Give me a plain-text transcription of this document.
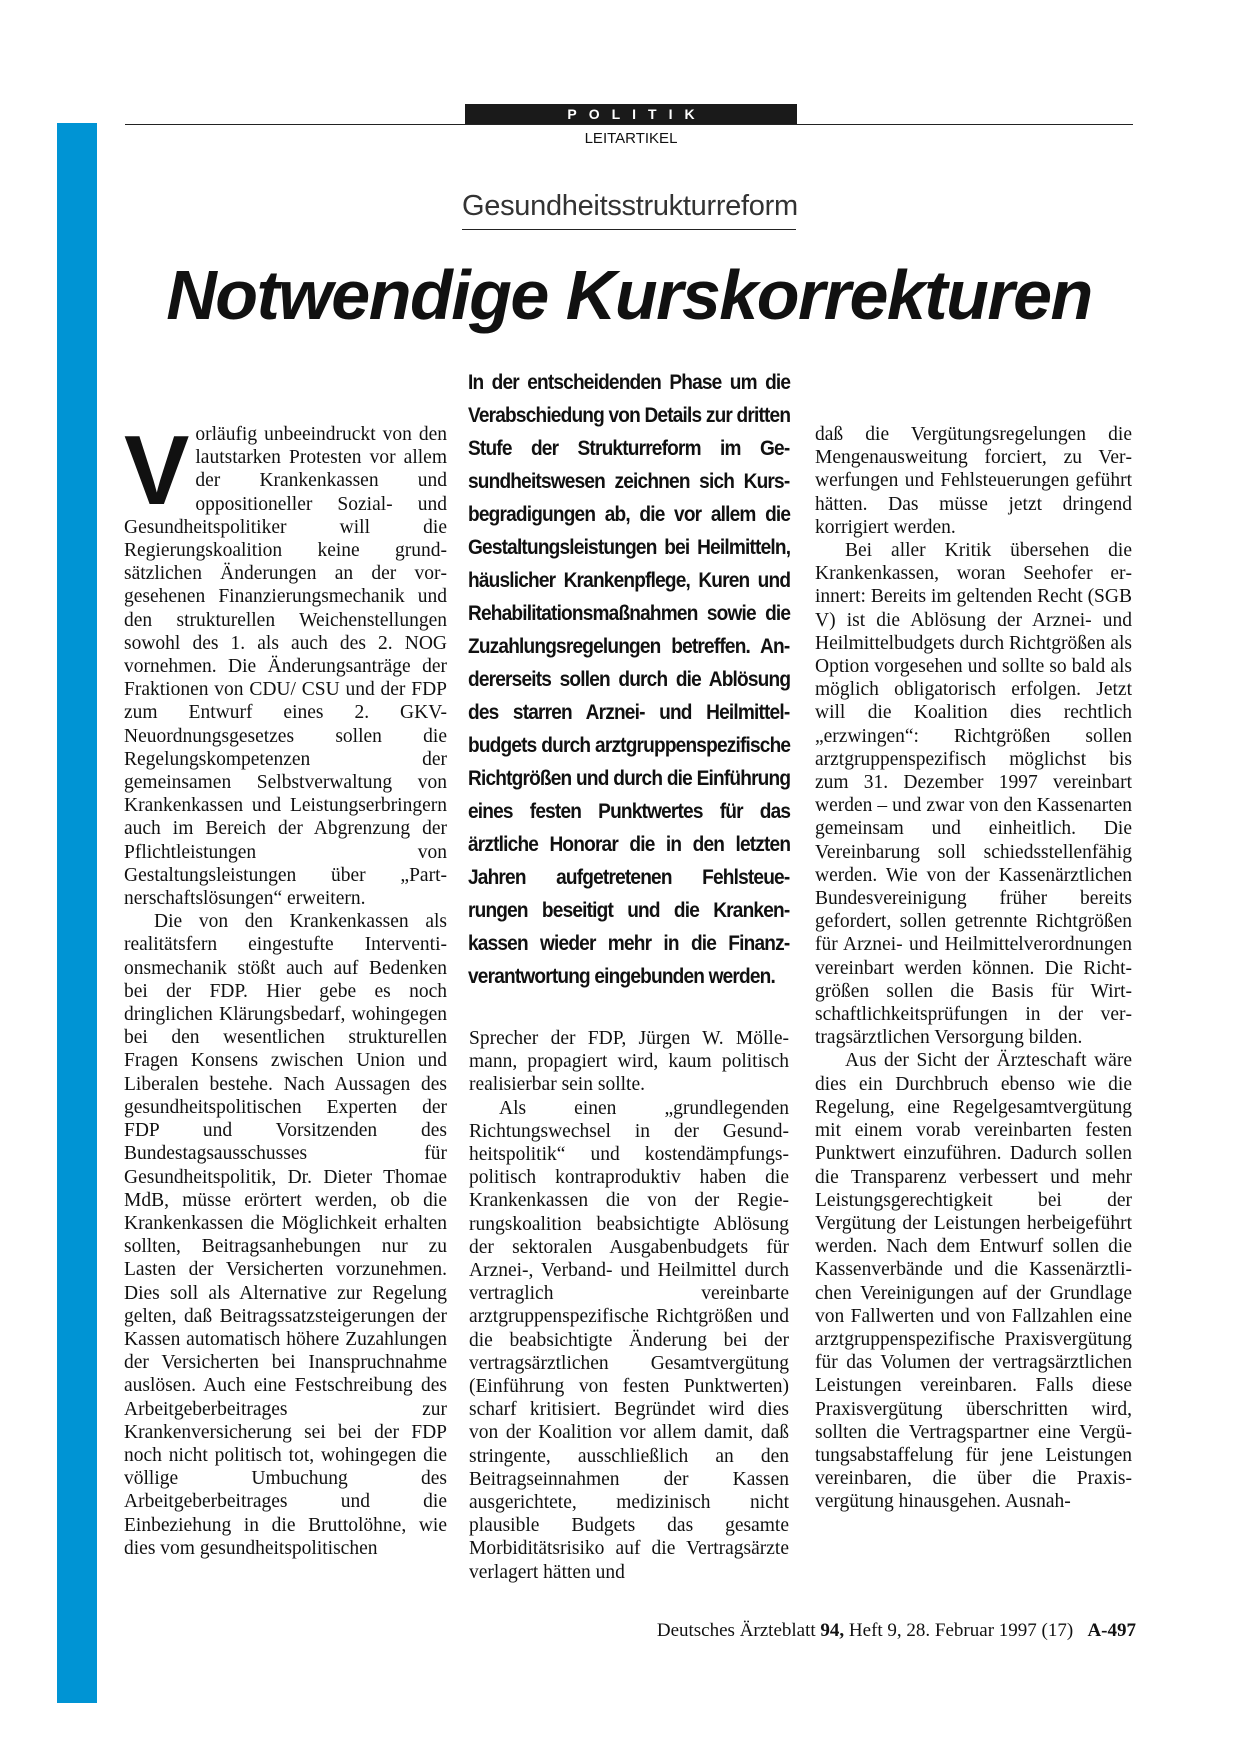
POLITIK
LEITARTIKEL
Gesundheitsstrukturreform
Notwendige Kurskorrekturen

Vorläufig unbeeindruckt von den lautstarken Protesten vor allem der Krankenkassen und oppositioneller Sozial- und Gesundheitspolitiker will die Regierungskoalition keine grundsätzlichen Änderungen an der vorgesehenen Finanzierungsmechanik und den strukturellen Weichenstellungen sowohl des 1. als auch des 2. NOG vornehmen. Die Änderungsanträge der Fraktionen von CDU/ CSU und der FDP zum Entwurf eines 2. GKV-Neuordnungsgesetzes sollen die Regelungskompetenzen der gemeinsamen Selbstverwaltung von Krankenkassen und Leistungserbringern auch im Bereich der Abgrenzung der Pflichtleistungen von Gestaltungsleistungen über „Partnerschaftslösungen“ erweitern.

Die von den Krankenkassen als realitätsfern eingestufte Interventionsmechanik stößt auch auf Bedenken bei der FDP. Hier gebe es noch dringlichen Klärungsbedarf, wohingegen bei den wesentlichen strukturellen Fragen Konsens zwischen Union und Liberalen bestehe. Nach Aussagen des gesundheitspolitischen Experten der FDP und Vorsitzenden des Bundestagsausschusses für Gesundheitspolitik, Dr. Dieter Thomae MdB, müsse erörtert werden, ob die Krankenkassen die Möglichkeit erhalten sollten, Beitragsanhebungen nur zu Lasten der Versicherten vorzunehmen. Dies soll als Alternative zur Regelung gelten, daß Beitragssatzsteigerungen der Kassen automatisch höhere Zuzahlungen der Versicherten bei Inanspruchnahme auslösen. Auch eine Festschreibung des Arbeitgeberbeitrages zur Krankenversicherung sei bei der FDP noch nicht politisch tot, wohingegen die völlige Umbuchung des Arbeitgeberbeitrages und die Einbeziehung in die Bruttolöhne, wie dies vom gesundheitspolitischen

In der entscheidenden Phase um die Verabschiedung von Details zur dritten Stufe der Strukturreform im Gesundheitswesen zeichnen sich Kursbegradigungen ab, die vor allem die Gestaltungsleistungen bei Heilmitteln, häuslicher Krankenpflege, Kuren und Rehabilitationsmaßnahmen sowie die Zuzahlungsregelungen betreffen. Andererseits sollen durch die Ablösung des starren Arznei- und Heilmittelbudgets durch arztgruppenspezifische Richtgrößen und durch die Einführung eines festen Punktwertes für das ärztliche Honorar die in den letzten Jahren aufgetretenen Fehlsteuerungen beseitigt und die Krankenkassen wieder mehr in die Finanzverantwortung eingebunden werden.

Sprecher der FDP, Jürgen W. Möllemann, propagiert wird, kaum politisch realisierbar sein sollte.

Als einen „grundlegenden Richtungswechsel in der Gesundheitspolitik“ und kostendämpfungspolitisch kontraproduktiv haben die Krankenkassen die von der Regierungskoalition beabsichtigte Ablösung der sektoralen Ausgabenbudgets für Arznei-, Verband- und Heilmittel durch vertraglich vereinbarte arztgruppenspezifische Richtgrößen und die beabsichtigte Änderung bei der vertragsärztlichen Gesamtvergütung (Einführung von festen Punktwerten) scharf kritisiert. Begründet wird dies von der Koalition vor allem damit, daß stringente, ausschließlich an den Beitragseinnahmen der Kassen ausgerichtete, medizinisch nicht plausible Budgets das gesamte Morbiditätsrisiko auf die Vertragsärzte verlagert hätten und

daß die Vergütungsregelungen die Mengenausweitung forciert, zu Verwerfungen und Fehlsteuerungen geführt hätten. Das müsse jetzt dringend korrigiert werden.

Bei aller Kritik übersehen die Krankenkassen, woran Seehofer erinnert: Bereits im geltenden Recht (SGB V) ist die Ablösung der Arznei- und Heilmittelbudgets durch Richtgrößen als Option vorgesehen und sollte so bald als möglich obligatorisch erfolgen. Jetzt will die Koalition dies rechtlich „erzwingen“: Richtgrößen sollen arztgruppenspezifisch möglichst bis zum 31. Dezember 1997 vereinbart werden – und zwar von den Kassenarten gemeinsam und einheitlich. Die Vereinbarung soll schiedsstellenfähig werden. Wie von der Kassenärztlichen Bundesvereinigung früher bereits gefordert, sollen getrennte Richtgrößen für Arznei- und Heilmittelverordnungen vereinbart werden können. Die Richtgrößen sollen die Basis für Wirtschaftlichkeitsprüfungen in der vertragsärztlichen Versorgung bilden.

Aus der Sicht der Ärzteschaft wäre dies ein Durchbruch ebenso wie die Regelung, eine Regelgesamtvergütung mit einem vorab vereinbarten festen Punktwert einzuführen. Dadurch sollen die Transparenz verbessert und mehr Leistungsgerechtigkeit bei der Vergütung der Leistungen herbeigeführt werden. Nach dem Entwurf sollen die Kassenverbände und die Kassenärztlichen Vereinigungen auf der Grundlage von Fallwerten und von Fallzahlen eine arztgruppenspezifische Praxisvergütung für das Volumen der vertragsärztlichen Leistungen vereinbaren. Falls diese Praxisvergütung überschritten wird, sollten die Vertragspartner eine Vergütungsabstaffelung für jene Leistungen vereinbaren, die über die Praxisvergütung hinausgehen. Ausnah-

Deutsches Ärzteblatt 94, Heft 9, 28. Februar 1997 (17) A-497
